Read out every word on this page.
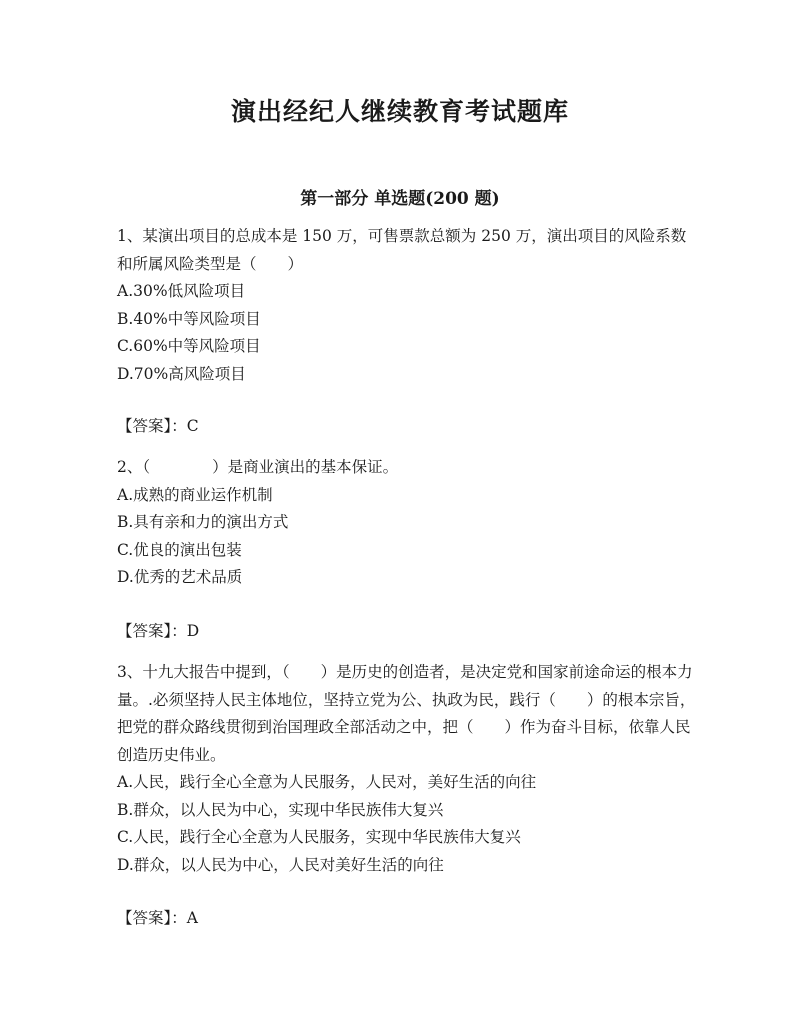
演出经纪人继续教育考试题库
第一部分 单选题(200 题)

1、某演出项目的总成本是 150 万，可售票款总额为 250 万，演出项目的风险系数和所属风险类型是（　　）

A.30%低风险项目

B.40%中等风险项目

C.60%中等风险项目

D.70%高风险项目

【答案】：C

2、（　　　　）是商业演出的基本保证。

A.成熟的商业运作机制

B.具有亲和力的演出方式

C.优良的演出包装

D.优秀的艺术品质

【答案】：D

3、十九大报告中提到，（　　）是历史的创造者，是决定党和国家前途命运的根本力量。.必须坚持人民主体地位，坚持立党为公、执政为民，践行（　　）的根本宗旨，把党的群众路线贯彻到治国理政全部活动之中，把（　　）作为奋斗目标，依靠人民创造历史伟业。

A.人民，践行全心全意为人民服务，人民对，美好生活的向往

B.群众，以人民为中心，实现中华民族伟大复兴

C.人民，践行全心全意为人民服务，实现中华民族伟大复兴

D.群众，以人民为中心，人民对美好生活的向往

【答案】：A
